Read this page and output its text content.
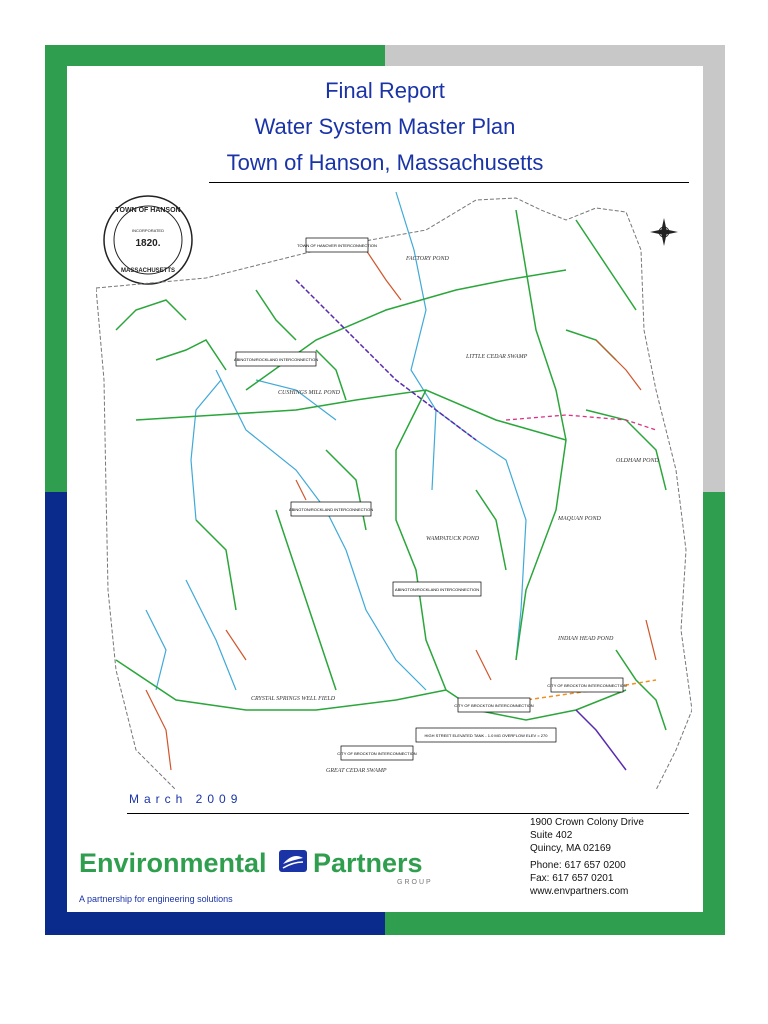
Final Report
Water System Master Plan
Town of Hanson, Massachusetts
TOWN OF HANSON
INCORPORATED
1820.
MASSACHUSETTS
FACTORY POND
LITTLE CEDAR SWAMP
CUSHINGS MILL POND
OLDHAM POND
MAQUAN POND
WAMPATUCK POND
INDIAN HEAD POND
GREAT CEDAR SWAMP
CRYSTAL SPRINGS WELL FIELD
TOWN OF HANOVER INTERCONNECTION
ABINGTON/ROCKLAND INTERCONNECTION
ABINGTON/ROCKLAND INTERCONNECTION
ABINGTON/ROCKLAND INTERCONNECTION
HIGH STREET ELEVATED TANK - 1.0 MG OVERFLOW ELEV = 270
CITY OF BROCKTON INTERCONNECTION
CITY OF BROCKTON INTERCONNECTION
CITY OF BROCKTON INTERCONNECTION
March 2009
1900 Crown Colony Drive
Suite 402
Quincy, MA 02169
Phone: 617 657 0200
Fax: 617 657 0201
www.envpartners.com
Environmental Partners
GROUP
A partnership for engineering solutions
